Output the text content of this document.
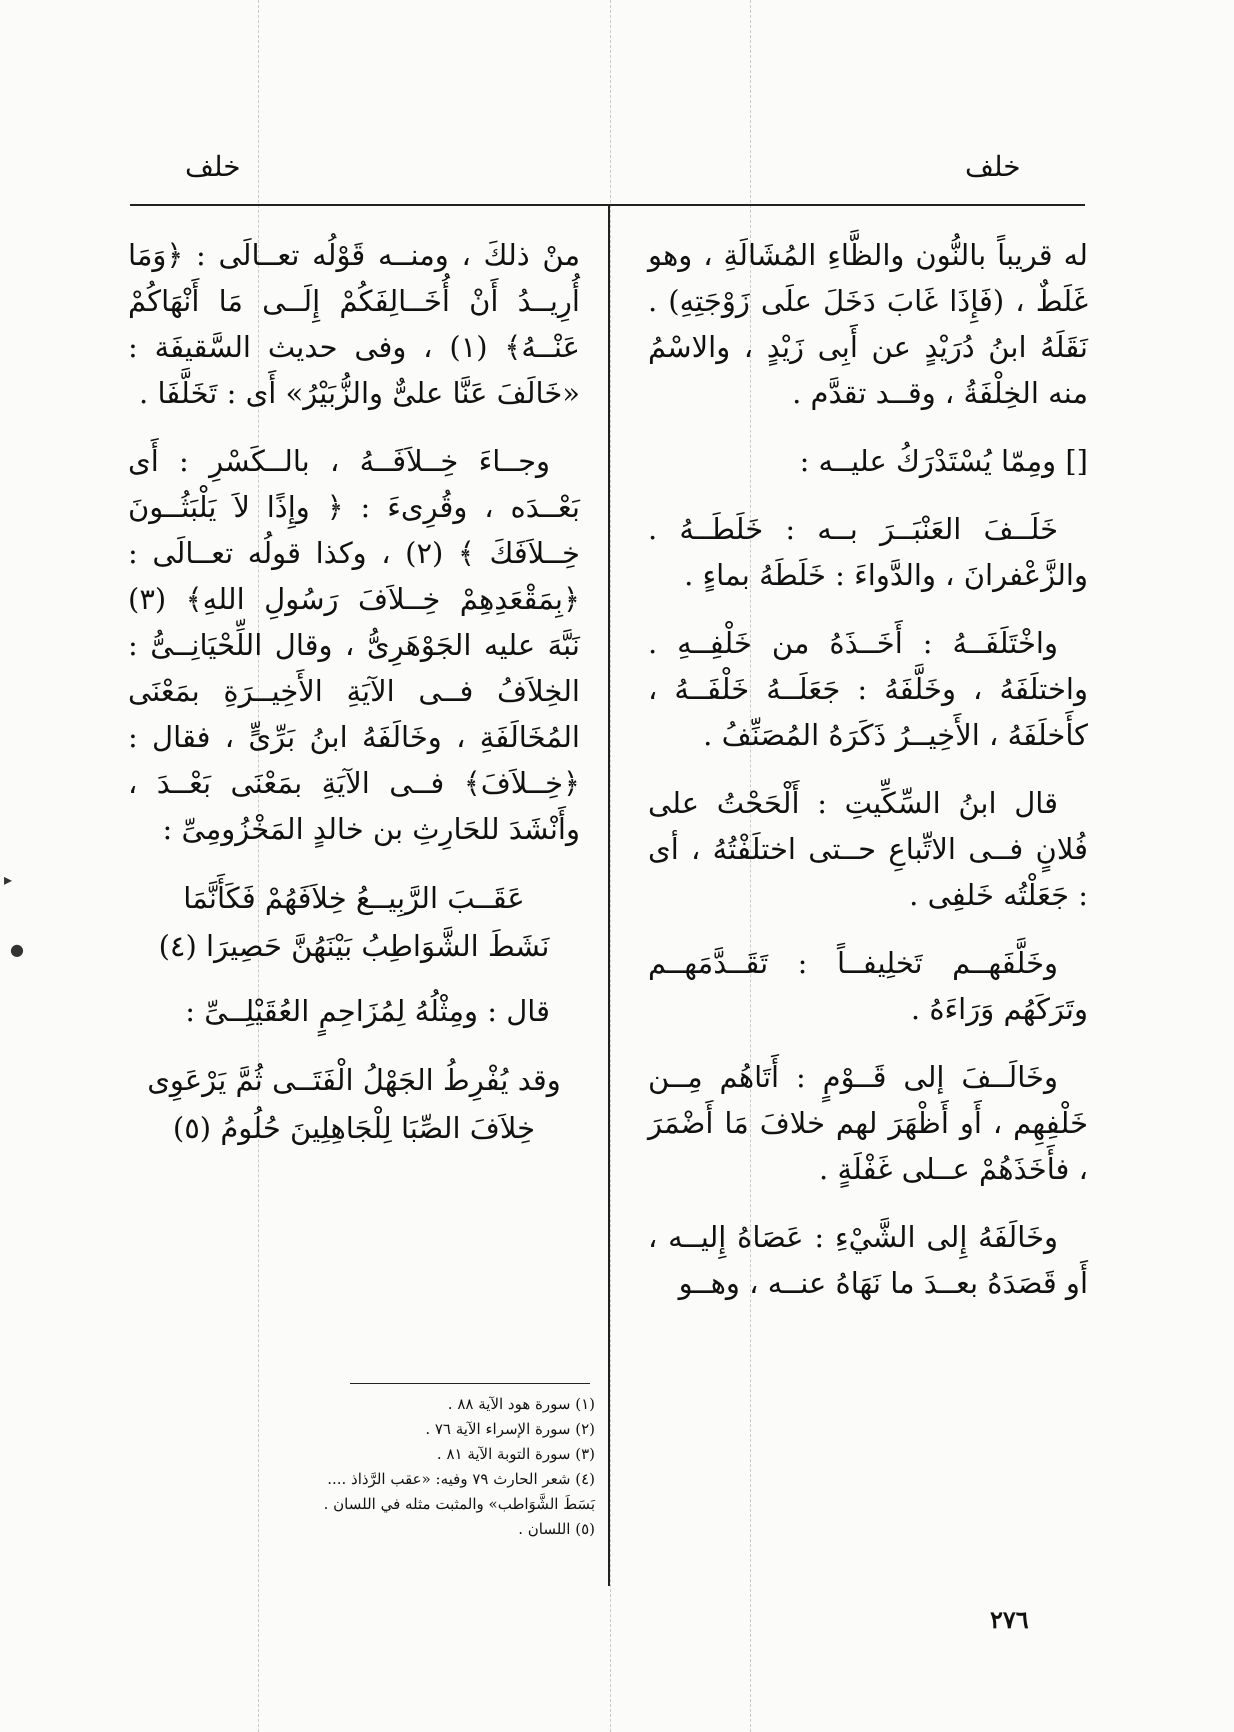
خلف
خلف

له قريباً بالنُّون والظَّاءِ المُشَالَةِ ، وهو غَلَطٌ ، (فَإِذَا غَابَ دَخَلَ علَى زَوْجَتِهِ) . نَقَلَهُ ابنُ دُرَيْدٍ عن أَبِى زَيْدٍ ، والاسْمُ منه الخِلْفَةُ ، وقــد تقدَّم .

[] ومِمّا يُسْتَدْرَكُ عليــه :

خَلَــفَ العَنْبَــرَ بــه : خَلَطَــهُ . والزَّعْفرانَ ، والدَّواءَ : خَلَطَهُ بماءٍ .

واخْتَلَفَــهُ : أَخَــذَهُ من خَلْفِــهِ . واختلَفَهُ ، وخَلَّفَهُ : جَعَلَــهُ خَلْفَــهُ ، كأَخلَفَهُ ، الأَخِيــرُ ذَكَرَهُ المُصَنِّفُ .

قال ابنُ السِّكِّيتِ : أَلْحَحْتُ على فُلانٍ فــى الاتِّباعِ حــتى اختلَفْتُهُ ، أى : جَعَلْتُه خَلفِى .

وخَلَّفَهــم تَخلِيفــاً : تَقَــدَّمَهــم وتَرَكَهُم وَرَاءَهُ .

وخَالَــفَ إلى قَــوْمٍ : أَتَاهُم مِــن خَلْفِهِم ، أَو أَظْهَرَ لهم خلافَ مَا أَضْمَرَ ، فأَخَذَهُمْ عــلى غَفْلَةٍ .

وخَالَفَهُ إِلى الشَّيْءِ : عَصَاهُ إِليــه ، أَو قَصَدَهُ بعــدَ ما نَهَاهُ عنــه ، وهــو

منْ ذلكَ ، ومنــه قَوْلُه تعــالَى : ﴿وَمَا أُرِيــدُ أَنْ أُخَــالِفَكُمْ إِلَــى مَا أَنْهَاكُمْ عَنْــهُ﴾ (١) ، وفى حديث السَّقيفَة : «خَالَفَ عَنَّا علىٌّ والزُّبَيْرُ» أَى : تَخَلَّفَا .

وجــاءَ خِــلاَفَــهُ ، بالــكَسْرِ : أَى بَعْــدَه ، وقُرِىءَ : ﴿ وإِذًا لاَ يَلْبَثُــونَ خِــلاَفَكَ ﴾ (٢) ، وكذا قولُه تعــالَى : ﴿بِمَقْعَدِهِمْ خِــلاَفَ رَسُولِ اللهِ﴾ (٣) نَبَّهَ عليه الجَوْهَرِىُّ ، وقال اللِّحْيَانِــىُّ : الخِلاَفُ فــى الآيَةِ الأَخِيــرَةِ بمَعْنَى المُخَالَفَةِ ، وخَالَفَهُ ابنُ بَرِّىٍّ ، فقال : ﴿خِــلاَفَ﴾ فــى الآيَةِ بمَعْنَى بَعْــدَ ، وأَنْشَدَ للحَارِثِ بن خالدٍ المَخْزُومِىِّ :

عَقَــبَ الرَّبِيــعُ خِلاَفَهُمْ فَكَأَنَّمَا

نَشَطَ الشَّوَاطِبُ بَيْنَهُنَّ حَصِيرَا (٤)

قال : ومِثْلُهُ لِمُزَاحِمٍ العُقَيْلِــىِّ :

وقد يُفْرِطُ الجَهْلُ الْفَتَــى ثُمَّ يَرْعَوِى

خِلاَفَ الصِّبَا لِلْجَاهِلِينَ حُلُومُ (٥)

(١) سورة هود الآية ٨٨ .

(٢) سورة الإسراء الآية ٧٦ .

(٣) سورة التوبة الآية ٨١ .

(٤) شعر الحارث ٧٩ وفيه: «عقب الرَّذاذ ....

بَسَطَ الشَّوَاطب» والمثبت مثله في اللسان .

(٥) اللسان .

٢٧٦
▸
●
